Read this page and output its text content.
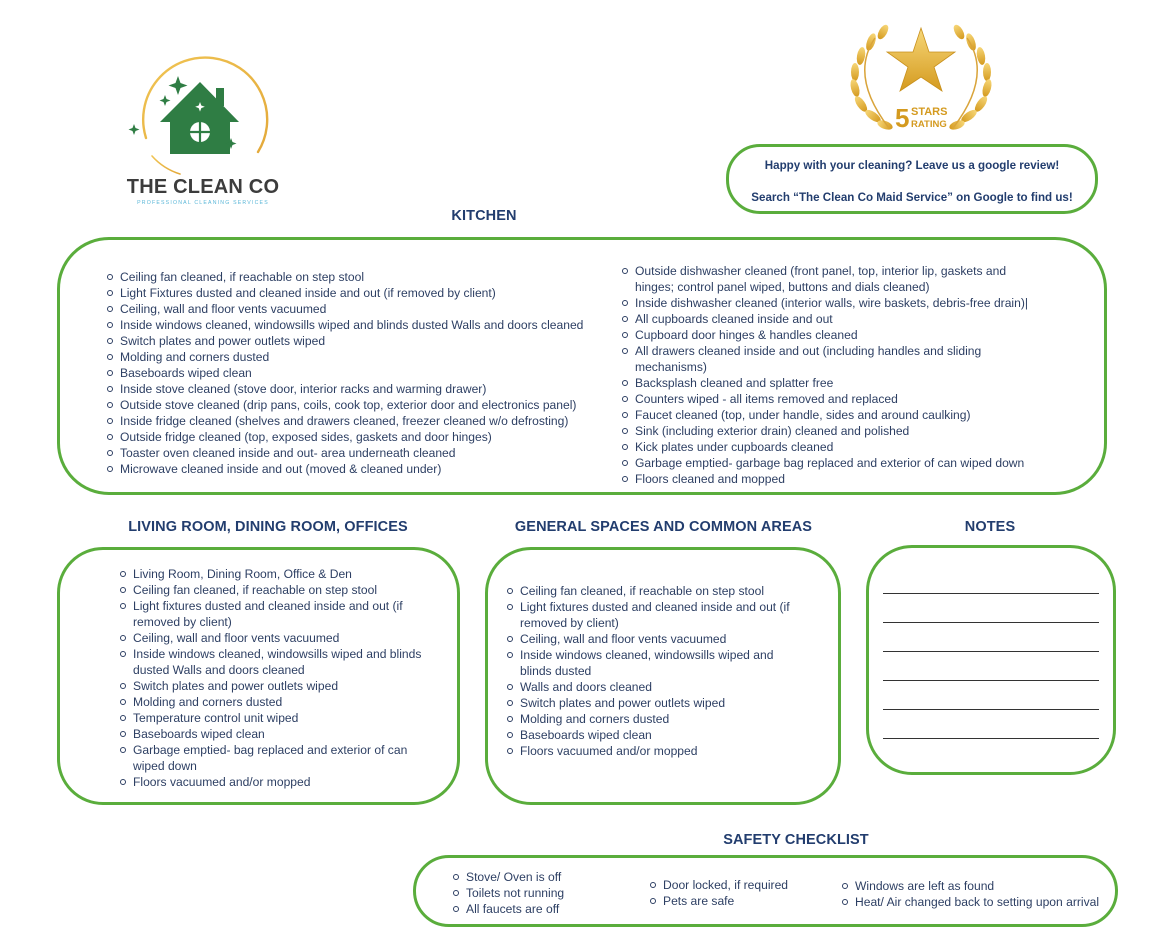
THE CLEAN CO
PROFESSIONAL CLEANING SERVICES
5 STARS
RATING
Happy with your cleaning? Leave us a google review!
Search “The Clean Co Maid Service” on Google to find us!
KITCHEN
Ceiling fan cleaned, if reachable on step stool
Light Fixtures dusted and cleaned inside and out (if removed by client)
Ceiling, wall and floor vents vacuumed
Inside windows cleaned, windowsills wiped and blinds dusted Walls and doors cleaned
Switch plates and power outlets wiped
Molding and corners dusted
Baseboards wiped clean
Inside stove cleaned (stove door, interior racks and warming drawer)
Outside stove cleaned (drip pans, coils, cook top, exterior door and electronics panel)
Inside fridge cleaned (shelves and drawers cleaned, freezer cleaned w/o defrosting)
Outside fridge cleaned (top, exposed sides, gaskets and door hinges)
Toaster oven cleaned inside and out- area underneath cleaned
Microwave cleaned inside and out (moved & cleaned under)
Outside dishwasher cleaned (front panel, top, interior lip, gaskets and hinges; control panel wiped, buttons and dials cleaned)
Inside dishwasher cleaned (interior walls, wire baskets, debris-free drain)|
All cupboards cleaned inside and out
Cupboard door hinges & handles cleaned
All drawers cleaned inside and out (including handles and sliding mechanisms)
Backsplash cleaned and splatter free
Counters wiped - all items removed and replaced
Faucet cleaned (top, under handle, sides and around caulking)
Sink (including exterior drain) cleaned and polished
Kick plates under cupboards cleaned
Garbage emptied- garbage bag replaced and exterior of can wiped down
Floors cleaned and mopped
LIVING ROOM, DINING ROOM, OFFICES
Living Room, Dining Room, Office & Den
Ceiling fan cleaned, if reachable on step stool
Light fixtures dusted and cleaned inside and out (if removed by client)
Ceiling, wall and floor vents vacuumed
Inside windows cleaned, windowsills wiped and blinds dusted Walls and doors cleaned
Switch plates and power outlets wiped
Molding and corners dusted
Temperature control unit wiped
Baseboards wiped clean
Garbage emptied- bag replaced and exterior of can wiped down
Floors vacuumed and/or mopped
GENERAL SPACES AND COMMON AREAS
Ceiling fan cleaned, if reachable on step stool
Light fixtures dusted and cleaned inside and out (if removed by client)
Ceiling, wall and floor vents vacuumed
Inside windows cleaned, windowsills wiped and blinds dusted
Walls and doors cleaned
Switch plates and power outlets wiped
Molding and corners dusted
Baseboards wiped clean
Floors vacuumed and/or mopped
NOTES
SAFETY CHECKLIST
Stove/ Oven is off
Toilets not running
All faucets are off
Door locked, if required
Pets are safe
Windows are left as found
Heat/ Air changed back to setting upon arrival
